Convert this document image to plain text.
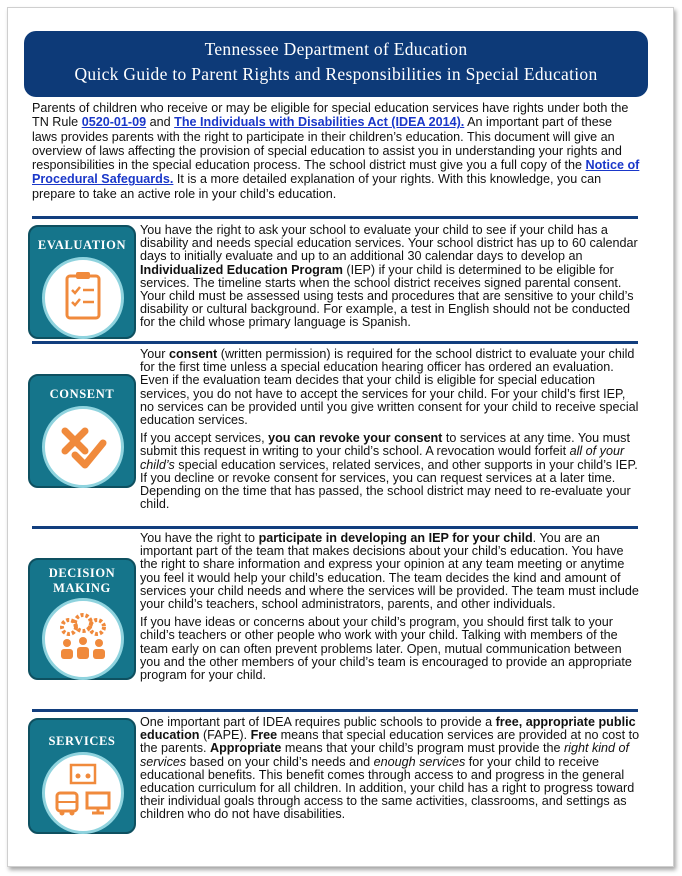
Tennessee Department of Education
Quick Guide to Parent Rights and Responsibilities in Special Education
Parents of children who receive or may be eligible for special education services have rights under both the TN Rule 0520-01-09 and The Individuals with Disabilities Act (IDEA 2014). An important part of these laws provides parents with the right to participate in their children’s education. This document will give an overview of laws affecting the provision of special education to assist you in understanding your rights and responsibilities in the special education process. The school district must give you a full copy of the Notice of Procedural Safeguards. It is a more detailed explanation of your rights. With this knowledge, you can prepare to take an active role in your child’s education.
EVALUATION

You have the right to ask your school to evaluate your child to see if your child has a disability and needs special education services. Your school district has up to 60 calendar days to initially evaluate and up to an additional 30 calendar days to develop an Individualized Education Program (IEP) if your child is determined to be eligible for services. The timeline starts when the school district receives signed parental consent. Your child must be assessed using tests and procedures that are sensitive to your child’s disability or cultural background. For example, a test in English should not be conducted for the child whose primary language is Spanish.

CONSENT

Your consent (written permission) is required for the school district to evaluate your child for the first time unless a special education hearing officer has ordered an evaluation. Even if the evaluation team decides that your child is eligible for special education services, you do not have to accept the services for your child. For your child’s first IEP, no services can be provided until you give written consent for your child to receive special education services.

If you accept services, you can revoke your consent to services at any time. You must submit this request in writing to your child’s school. A revocation would forfeit all of your child’s special education services, related services, and other supports in your child’s IEP. If you decline or revoke consent for services, you can request services at a later time. Depending on the time that has passed, the school district may need to re-evaluate your child.

DECISION
MAKING

You have the right to participate in developing an IEP for your child. You are an important part of the team that makes decisions about your child’s education. You have the right to share information and express your opinion at any team meeting or anytime you feel it would help your child’s education. The team decides the kind and amount of services your child needs and where the services will be provided. The team must include your child’s teachers, school administrators, parents, and other individuals.

If you have ideas or concerns about your child’s program, you should first talk to your child’s teachers or other people who work with your child. Talking with members of the team early on can often prevent problems later. Open, mutual communication between you and the other members of your child’s team is encouraged to provide an appropriate program for your child.

SERVICES

One important part of IDEA requires public schools to provide a free, appropriate public education (FAPE). Free means that special education services are provided at no cost to the parents. Appropriate means that your child’s program must provide the right kind of services based on your child’s needs and enough services for your child to receive educational benefits. This benefit comes through access to and progress in the general education curriculum for all children. In addition, your child has a right to progress toward their individual goals through access to the same activities, classrooms, and settings as children who do not have disabilities.
